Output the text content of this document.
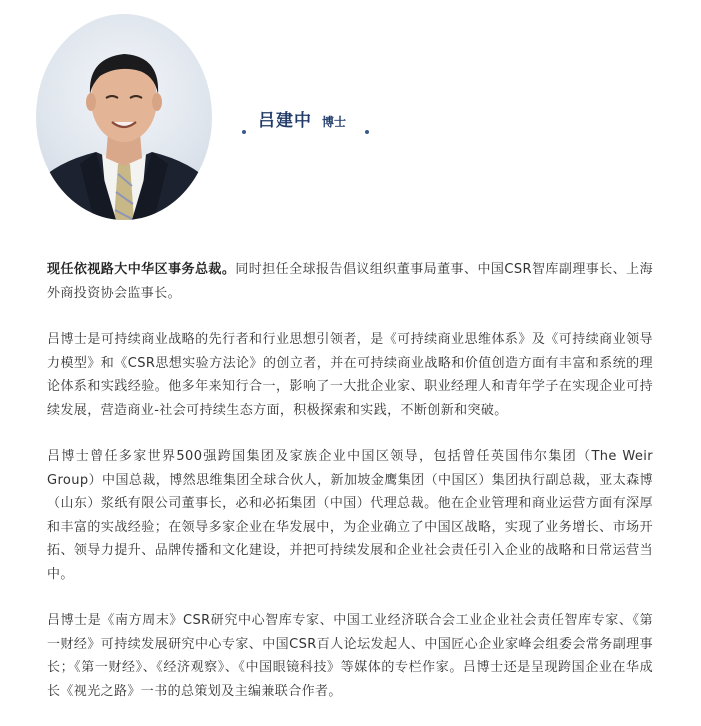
吕建中 博士

现任依视路大中华区事务总裁。同时担任全球报告倡议组织董事局董事、中国CSR智库副理事长、上海外商投资协会监事长。

吕博士是可持续商业战略的先行者和行业思想引领者，是《可持续商业思维体系》及《可持续商业领导力模型》和《CSR思想实验方法论》的创立者，并在可持续商业战略和价值创造方面有丰富和系统的理论体系和实践经验。他多年来知行合一，影响了一大批企业家、职业经理人和青年学子在实现企业可持续发展，营造商业-社会可持续生态方面，积极探索和实践，不断创新和突破。

吕博士曾任多家世界500强跨国集团及家族企业中国区领导，包括曾任英国伟尔集团（The Weir Group）中国总裁，博然思维集团全球合伙人，新加坡金鹰集团（中国区）集团执行副总裁，亚太森博（山东）浆纸有限公司董事长，必和必拓集团（中国）代理总裁。他在企业管理和商业运营方面有深厚和丰富的实战经验；在领导多家企业在华发展中，为企业确立了中国区战略，实现了业务增长、市场开拓、领导力提升、品牌传播和文化建设，并把可持续发展和企业社会责任引入企业的战略和日常运营当中。

吕博士是《南方周末》CSR研究中心智库专家、中国工业经济联合会工业企业社会责任智库专家、《第一财经》可持续发展研究中心专家、中国CSR百人论坛发起人、中国匠心企业家峰会组委会常务副理事长；《第一财经》、《经济观察》、《中国眼镜科技》等媒体的专栏作家。吕博士还是呈现跨国企业在华成长《视光之路》一书的总策划及主编兼联合作者。
